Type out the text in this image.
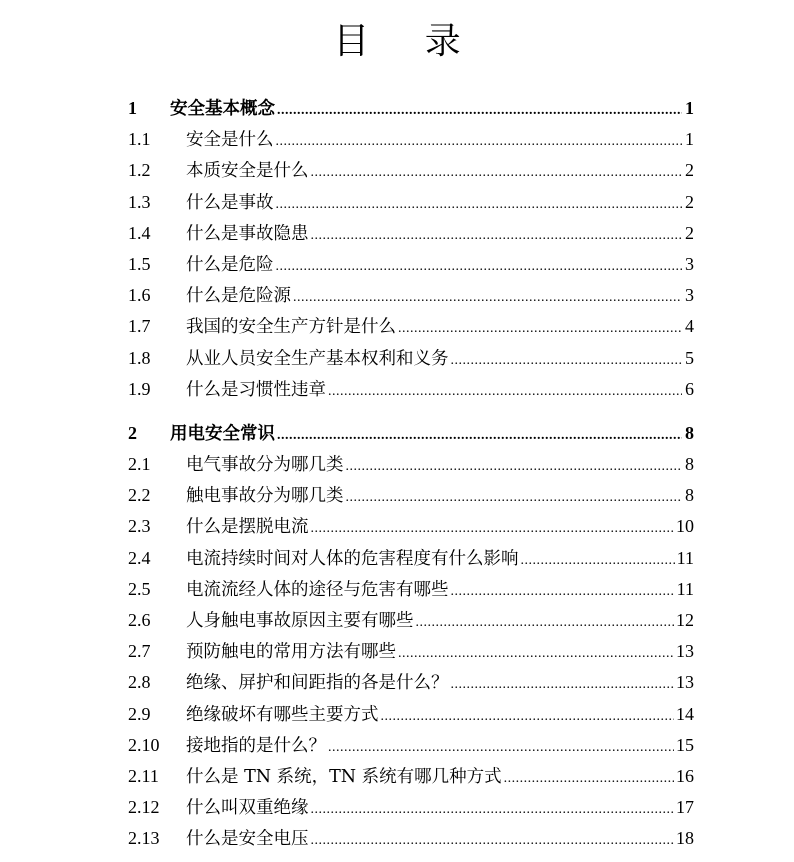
目 录
1	安全基本概念 .....	1
1.1	安全是什么 .....	1
1.2	本质安全是什么 .....	2
1.3	什么是事故 .....	2
1.4	什么是事故隐患 .....	2
1.5	什么是危险 .....	3
1.6	什么是危险源 .....	3
1.7	我国的安全生产方针是什么 .....	4
1.8	从业人员安全生产基本权利和义务 .....	5
1.9	什么是习惯性违章 .....	6
2	用电安全常识 .....	8
2.1	电气事故分为哪几类 .....	8
2.2	触电事故分为哪几类 .....	8
2.3	什么是摆脱电流 .....	10
2.4	电流持续时间对人体的危害程度有什么影响 .....	11
2.5	电流流经人体的途径与危害有哪些 .....	11
2.6	人身触电事故原因主要有哪些 .....	12
2.7	预防触电的常用方法有哪些 .....	13
2.8	绝缘、屏护和间距指的各是什么？ .....	13
2.9	绝缘破坏有哪些主要方式 .....	14
2.10	接地指的是什么？ .....	15
2.11	什么是 TN 系统，TN 系统有哪几种方式 .....	16
2.12	什么叫双重绝缘 .....	17
2.13	什么是安全电压 .....	18
